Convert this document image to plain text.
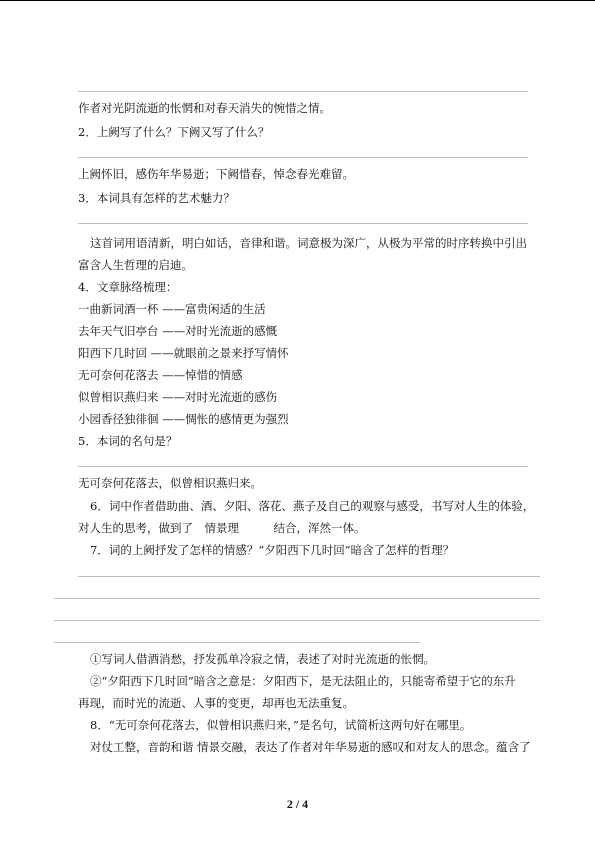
作者对光阴流逝的怅惘和对春天消失的惋惜之情。
2．上阙写了什么？下阙又写了什么？
上阙怀旧，感伤年华易逝；下阙惜春，悼念春光难留。
3．本词具有怎样的艺术魅力？
这首词用语清新，明白如话，音律和谐。词意极为深广，从极为平常的时序转换中引出
富含人生哲理的启迪。
4．文章脉络梳理：
一曲新词酒一杯 ——富贵闲适的生活
去年天气旧亭台 ——对时光流逝的感慨
阳西下几时回 ——就眼前之景来抒写情怀
无可奈何花落去 ——悼惜的情感
似曾相识燕归来 ——对时光流逝的感伤
小园香径独徘徊 ——惆怅的感情更为强烈
5．本词的名句是？
无可奈何花落去，似曾相识燕归来。
6．词中作者借助曲、酒、夕阳、落花、燕子及自己的观察与感受，书写对人生的体验，
对人生的思考，做到了　情景理　　　结合，浑然一体。
7．词的上阙抒发了怎样的情感？“夕阳西下几时回”暗含了怎样的哲理？
①写词人借酒消愁，抒发孤单冷寂之情，表述了对时光流逝的怅惘。
②“夕阳西下几时回”暗含之意是：夕阳西下，是无法阻止的，只能寄希望于它的东升
再现，而时光的流逝、人事的变更，却再也无法重复。
8．“无可奈何花落去，似曾相识燕归来，”是名句，试简析这两句好在哪里。
对仗工整，音韵和谐 情景交融，表达了作者对年华易逝的感叹和对友人的思念。蕴含了
2 / 4
